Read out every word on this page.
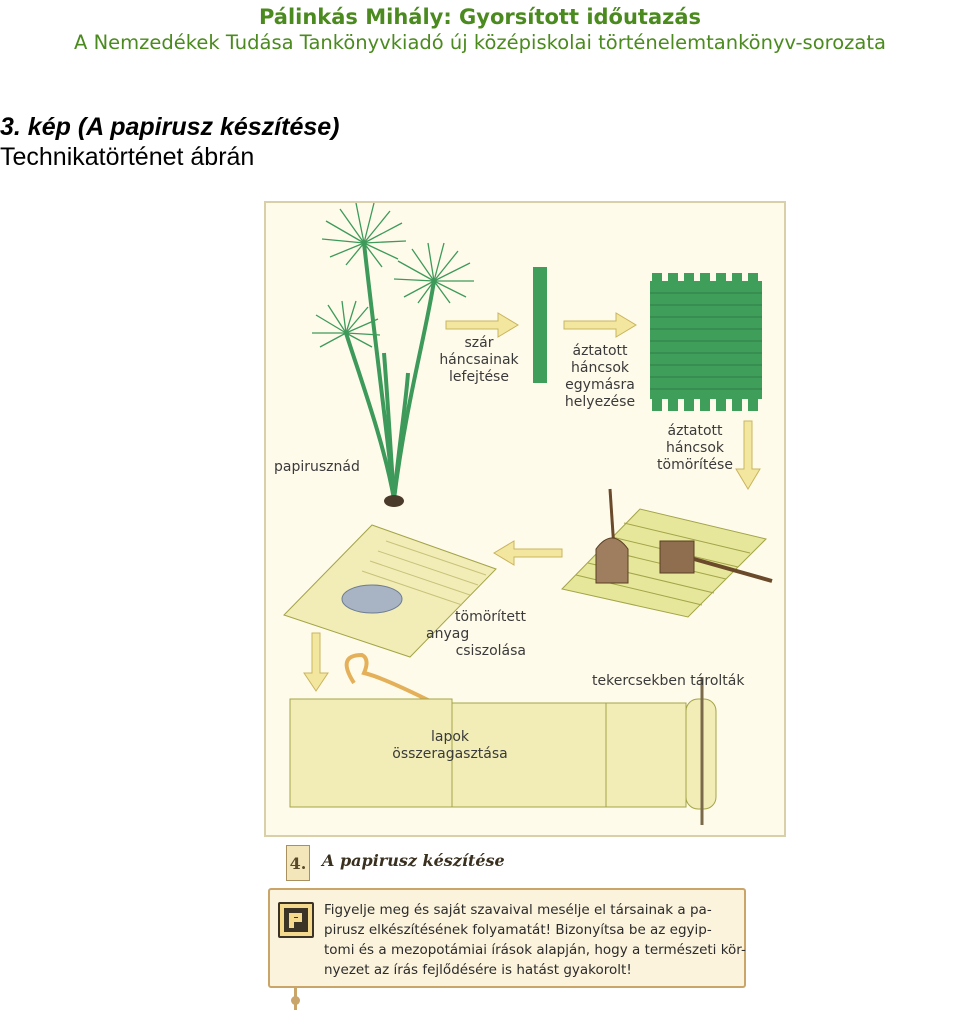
Pálinkás Mihály: Gyorsított időutazás
A Nemzedékek Tudása Tankönyvkiadó új középiskolai történelemtankönyv-sorozata
3. kép (A papirusz készítése)
Technikatörténet ábrán
papirusznád
szár
háncsainak
lefejtése
áztatott
háncsok
egymásra
helyezése
áztatott
háncsok
tömörítése
tömörített
anyag
csiszolása
tekercsekben tárolták
lapok
összeragasztása
4. A papirusz készítése
Figyelje meg és saját szavaival mesélje el társainak a pa-
pirusz elkészítésének folyamatát! Bizonyítsa be az egyip-
tomi és a mezopotámiai írások alapján, hogy a természeti kör-
nyezet az írás fejlődésére is hatást gyakorolt!
